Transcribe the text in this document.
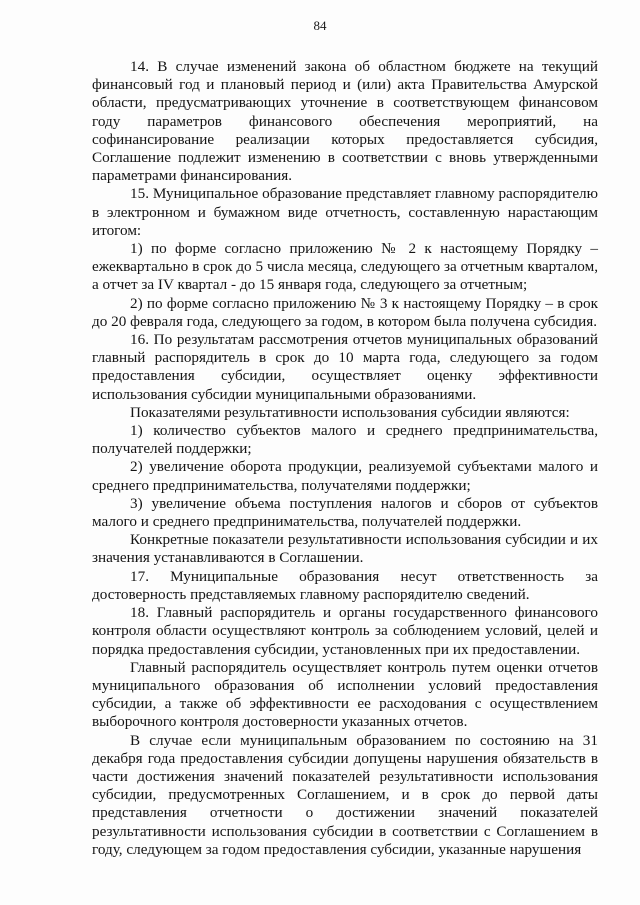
84

14. В случае изменений закона об областном бюджете на текущий финансовый год и плановый период и (или) акта Правительства Амурской области, предусматривающих уточнение в соответствующем финансовом году параметров финансового обеспечения мероприятий, на софинансирование реализации которых предоставляется субсидия, Соглашение подлежит изменению в соответствии с вновь утвержденными параметрами финансирования.

15. Муниципальное образование представляет главному распорядителю в электронном и бумажном виде отчетность, составленную нарастающим итогом:

1) по форме согласно приложению № 2 к настоящему Порядку – ежеквартально в срок до 5 числа месяца, следующего за отчетным кварталом, а отчет за IV квартал - до 15 января года, следующего за отчетным;

2) по форме согласно приложению № 3 к настоящему Порядку – в срок до 20 февраля года, следующего за годом, в котором была получена субсидия.

16. По результатам рассмотрения отчетов муниципальных образований главный распорядитель в срок до 10 марта года, следующего за годом предоставления субсидии, осуществляет оценку эффективности использования субсидии муниципальными образованиями.

Показателями результативности использования субсидии являются:

1) количество субъектов малого и среднего предпринимательства, получателей поддержки;

2) увеличение оборота продукции, реализуемой субъектами малого и среднего предпринимательства, получателями поддержки;

3) увеличение объема поступления налогов и сборов от субъектов малого и среднего предпринимательства, получателей поддержки.

Конкретные показатели результативности использования субсидии и их значения устанавливаются в Соглашении.

17. Муниципальные образования несут ответственность за достоверность представляемых главному распорядителю сведений.

18. Главный распорядитель и органы государственного финансового контроля области осуществляют контроль за соблюдением условий, целей и порядка предоставления субсидии, установленных при их предоставлении.

Главный распорядитель осуществляет контроль путем оценки отчетов муниципального образования об исполнении условий предоставления субсидии, а также об эффективности ее расходования с осуществлением выборочного контроля достоверности указанных отчетов.

В случае если муниципальным образованием по состоянию на 31 декабря года предоставления субсидии допущены нарушения обязательств в части достижения значений показателей результативности использования субсидии, предусмотренных Соглашением, и в срок до первой даты представления отчетности о достижении значений показателей результативности использования субсидии в соответствии с Соглашением в году, следующем за годом предоставления субсидии, указанные нарушения
